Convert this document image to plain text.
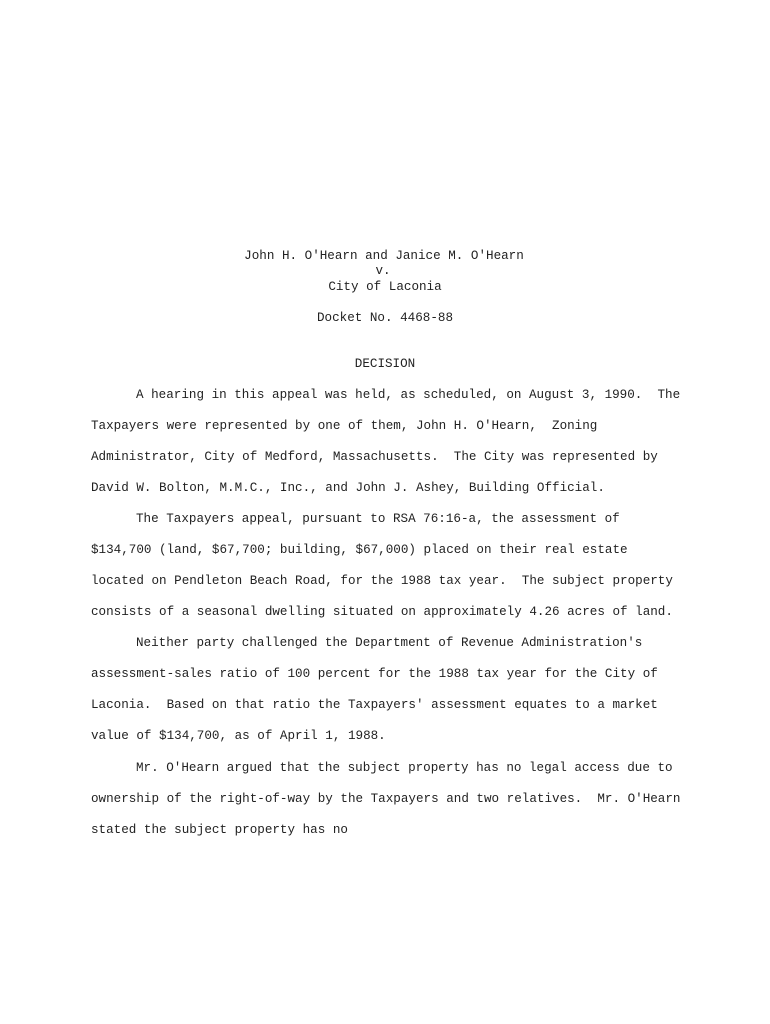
John H. O'Hearn and Janice M. O'Hearn
v.
City of Laconia
Docket No. 4468-88
DECISION
A hearing in this appeal was held, as scheduled, on August 3, 1990.  The
Taxpayers were represented by one of them, John H. O'Hearn,  Zoning
Administrator, City of Medford, Massachusetts.  The City was represented by
David W. Bolton, M.M.C., Inc., and John J. Ashey, Building Official.
The Taxpayers appeal, pursuant to RSA 76:16-a, the assessment of
$134,700 (land, $67,700; building, $67,000) placed on their real estate
located on Pendleton Beach Road, for the 1988 tax year.  The subject property
consists of a seasonal dwelling situated on approximately 4.26 acres of land.
Neither party challenged the Department of Revenue Administration's
assessment-sales ratio of 100 percent for the 1988 tax year for the City of
Laconia.  Based on that ratio the Taxpayers' assessment equates to a market
value of $134,700, as of April 1, 1988.
Mr. O'Hearn argued that the subject property has no legal access due to
ownership of the right-of-way by the Taxpayers and two relatives.  Mr. O'Hearn
stated the subject property has no
